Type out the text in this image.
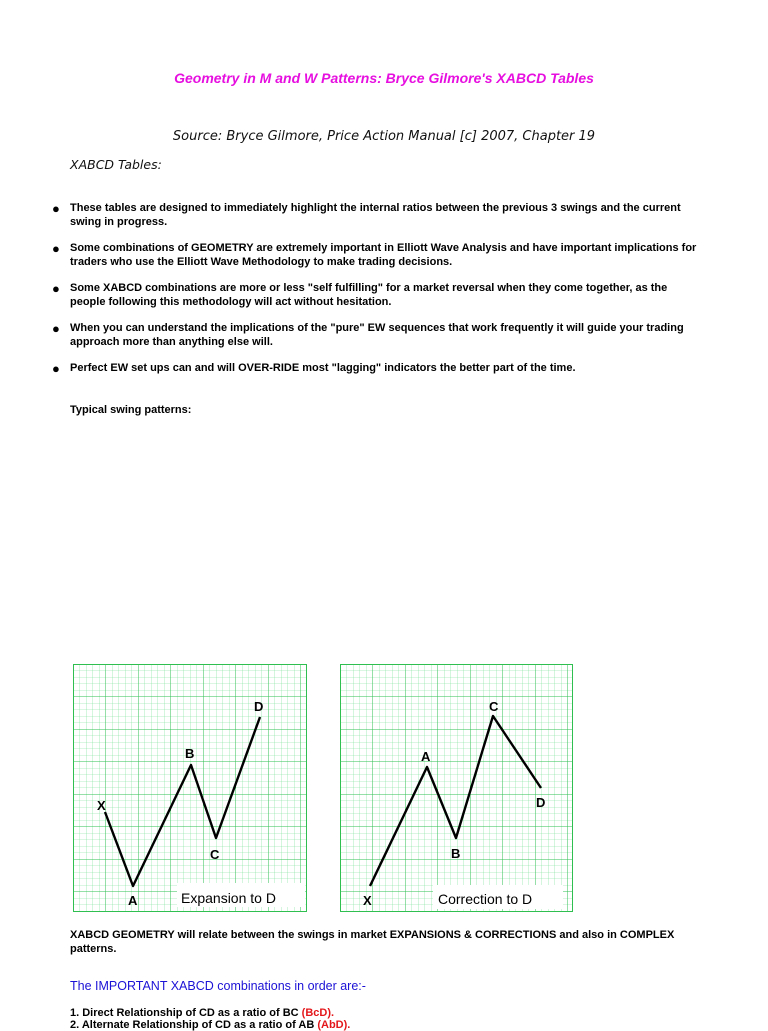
Geometry in M and W Patterns: Bryce Gilmore's XABCD Tables
Source: Bryce Gilmore, Price Action Manual [c] 2007, Chapter 19
XABCD Tables:
● These tables are designed to immediately highlight the internal ratios between the previous 3 swings and the current swing in progress.
● Some combinations of GEOMETRY are extremely important in Elliott Wave Analysis and have important implications for traders who use the Elliott Wave Methodology to make trading decisions.
● Some XABCD combinations are more or less "self fulfilling" for a market reversal when they come together, as the people following this methodology will act without hesitation.
● When you can understand the implications of the "pure" EW sequences that work frequently it will guide your trading approach more than anything else will.
● Perfect EW set ups can and will OVER-RIDE most "lagging" indicators the better part of the time.
Typical swing patterns:
X
A
B
C
D
Expansion to D	X
A
B
C
D
Correction to D
XABCD GEOMETRY will relate between the swings in market EXPANSIONS & CORRECTIONS and also in COMPLEX patterns.
The IMPORTANT XABCD combinations in order are:-
1. Direct Relationship of CD as a ratio of BC (BcD).
2. Alternate Relationship of CD as a ratio of AB (AbD).
